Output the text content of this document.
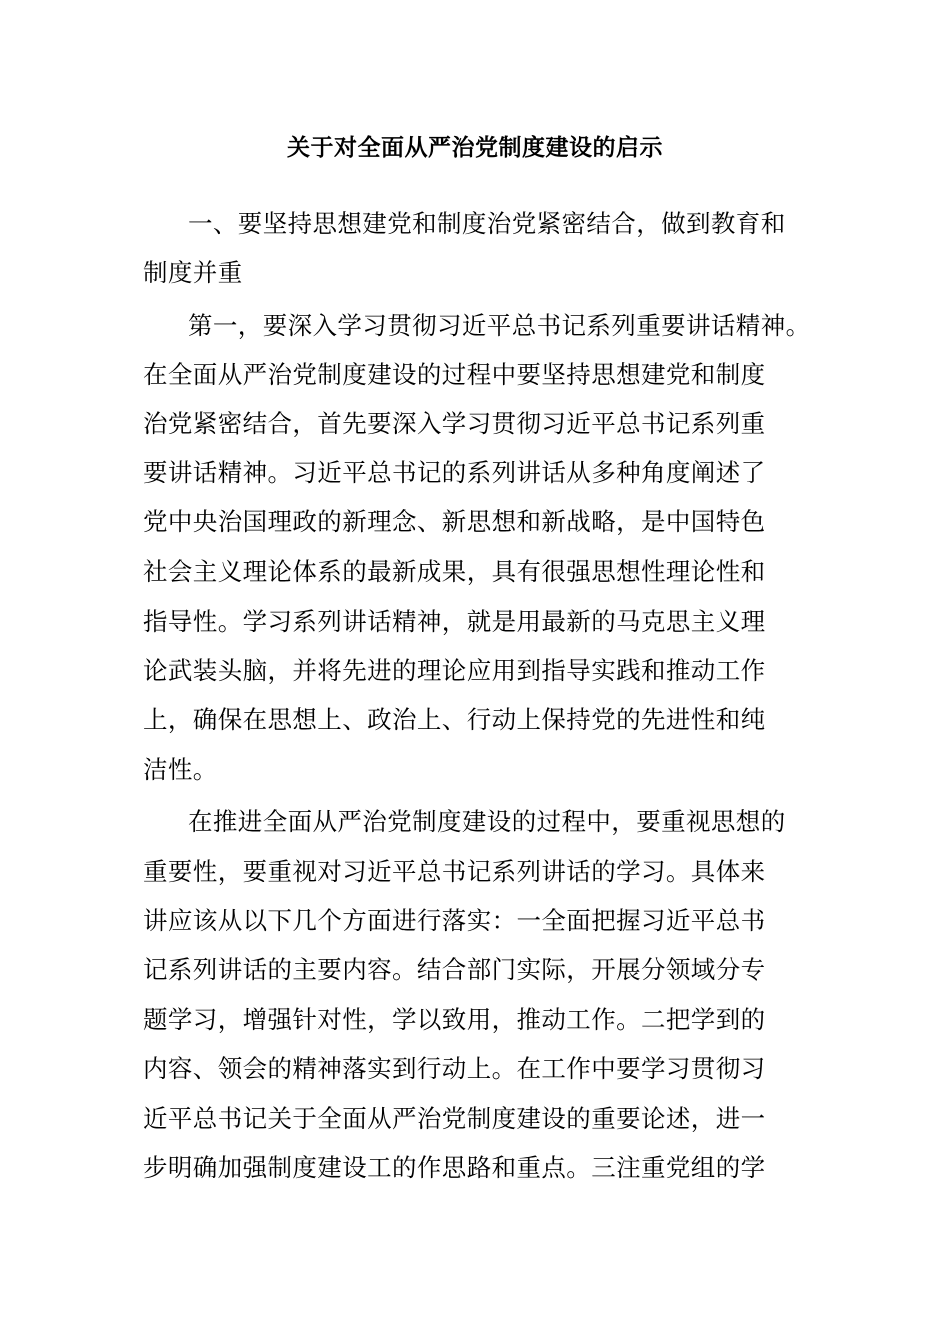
关于对全面从严治党制度建设的启示
一、要坚持思想建党和制度治党紧密结合，做到教育和
制度并重
第一，要深入学习贯彻习近平总书记系列重要讲话精神。
在全面从严治党制度建设的过程中要坚持思想建党和制度
治党紧密结合，首先要深入学习贯彻习近平总书记系列重
要讲话精神。习近平总书记的系列讲话从多种角度阐述了
党中央治国理政的新理念、新思想和新战略，是中国特色
社会主义理论体系的最新成果，具有很强思想性理论性和
指导性。学习系列讲话精神，就是用最新的马克思主义理
论武装头脑，并将先进的理论应用到指导实践和推动工作
上，确保在思想上、政治上、行动上保持党的先进性和纯
洁性。
在推进全面从严治党制度建设的过程中，要重视思想的
重要性，要重视对习近平总书记系列讲话的学习。具体来
讲应该从以下几个方面进行落实：一全面把握习近平总书
记系列讲话的主要内容。结合部门实际，开展分领域分专
题学习，增强针对性，学以致用，推动工作。二把学到的
内容、领会的精神落实到行动上。在工作中要学习贯彻习
近平总书记关于全面从严治党制度建设的重要论述，进一
步明确加强制度建设工的作思路和重点。三注重党组的学
